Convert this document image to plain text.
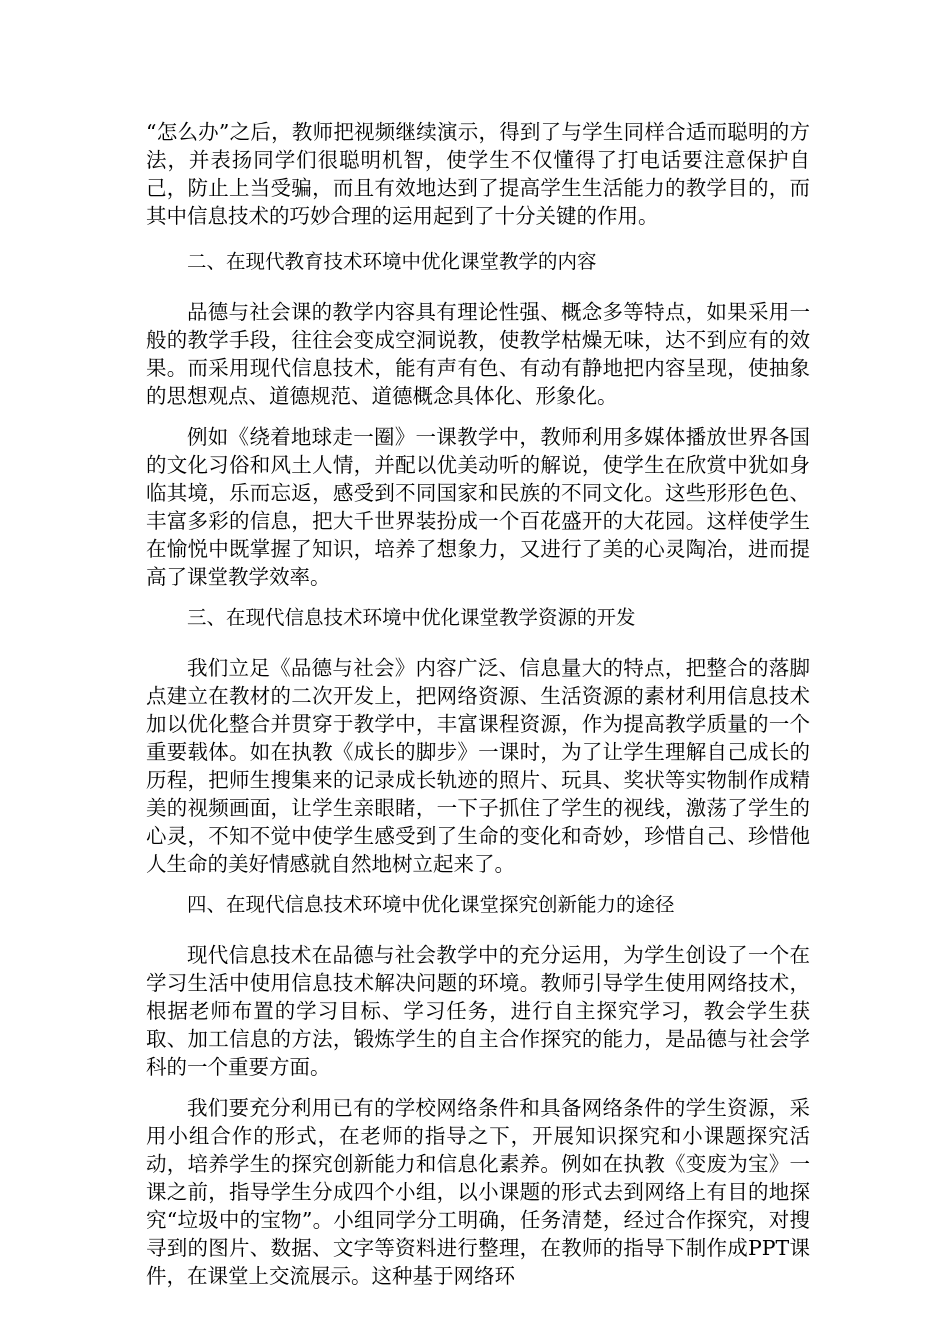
“怎么办”之后，教师把视频继续演示，得到了与学生同样合适而聪明的方法，并表扬同学们很聪明机智，使学生不仅懂得了打电话要注意保护自己，防止上当受骗，而且有效地达到了提高学生生活能力的教学目的，而其中信息技术的巧妙合理的运用起到了十分关键的作用。

二、在现代教育技术环境中优化课堂教学的内容

品德与社会课的教学内容具有理论性强、概念多等特点，如果采用一般的教学手段，往往会变成空洞说教，使教学枯燥无味，达不到应有的效果。而采用现代信息技术，能有声有色、有动有静地把内容呈现，使抽象的思想观点、道德规范、道德概念具体化、形象化。

例如《绕着地球走一圈》一课教学中，教师利用多媒体播放世界各国的文化习俗和风土人情，并配以优美动听的解说，使学生在欣赏中犹如身临其境，乐而忘返，感受到不同国家和民族的不同文化。这些形形色色、丰富多彩的信息，把大千世界装扮成一个百花盛开的大花园。这样使学生在愉悦中既掌握了知识，培养了想象力，又进行了美的心灵陶冶，进而提高了课堂教学效率。

三、在现代信息技术环境中优化课堂教学资源的开发

我们立足《品德与社会》内容广泛、信息量大的特点，把整合的落脚点建立在教材的二次开发上，把网络资源、生活资源的素材利用信息技术加以优化整合并贯穿于教学中，丰富课程资源，作为提高教学质量的一个重要载体。如在执教《成长的脚步》一课时，为了让学生理解自己成长的历程，把师生搜集来的记录成长轨迹的照片、玩具、奖状等实物制作成精美的视频画面，让学生亲眼睹，一下子抓住了学生的视线，激荡了学生的心灵，不知不觉中使学生感受到了生命的变化和奇妙，珍惜自己、珍惜他人生命的美好情感就自然地树立起来了。

四、在现代信息技术环境中优化课堂探究创新能力的途径

现代信息技术在品德与社会教学中的充分运用，为学生创设了一个在学习生活中使用信息技术解决问题的环境。教师引导学生使用网络技术，根据老师布置的学习目标、学习任务，进行自主探究学习，教会学生获取、加工信息的方法，锻炼学生的自主合作探究的能力，是品德与社会学科的一个重要方面。

我们要充分利用已有的学校网络条件和具备网络条件的学生资源，采用小组合作的形式，在老师的指导之下，开展知识探究和小课题探究活动，培养学生的探究创新能力和信息化素养。例如在执教《变废为宝》一课之前，指导学生分成四个小组，以小课题的形式去到网络上有目的地探究“垃圾中的宝物”。小组同学分工明确，任务清楚，经过合作探究，对搜寻到的图片、数据、文字等资料进行整理，在教师的指导下制作成PPT课件，在课堂上交流展示。这种基于网络环
